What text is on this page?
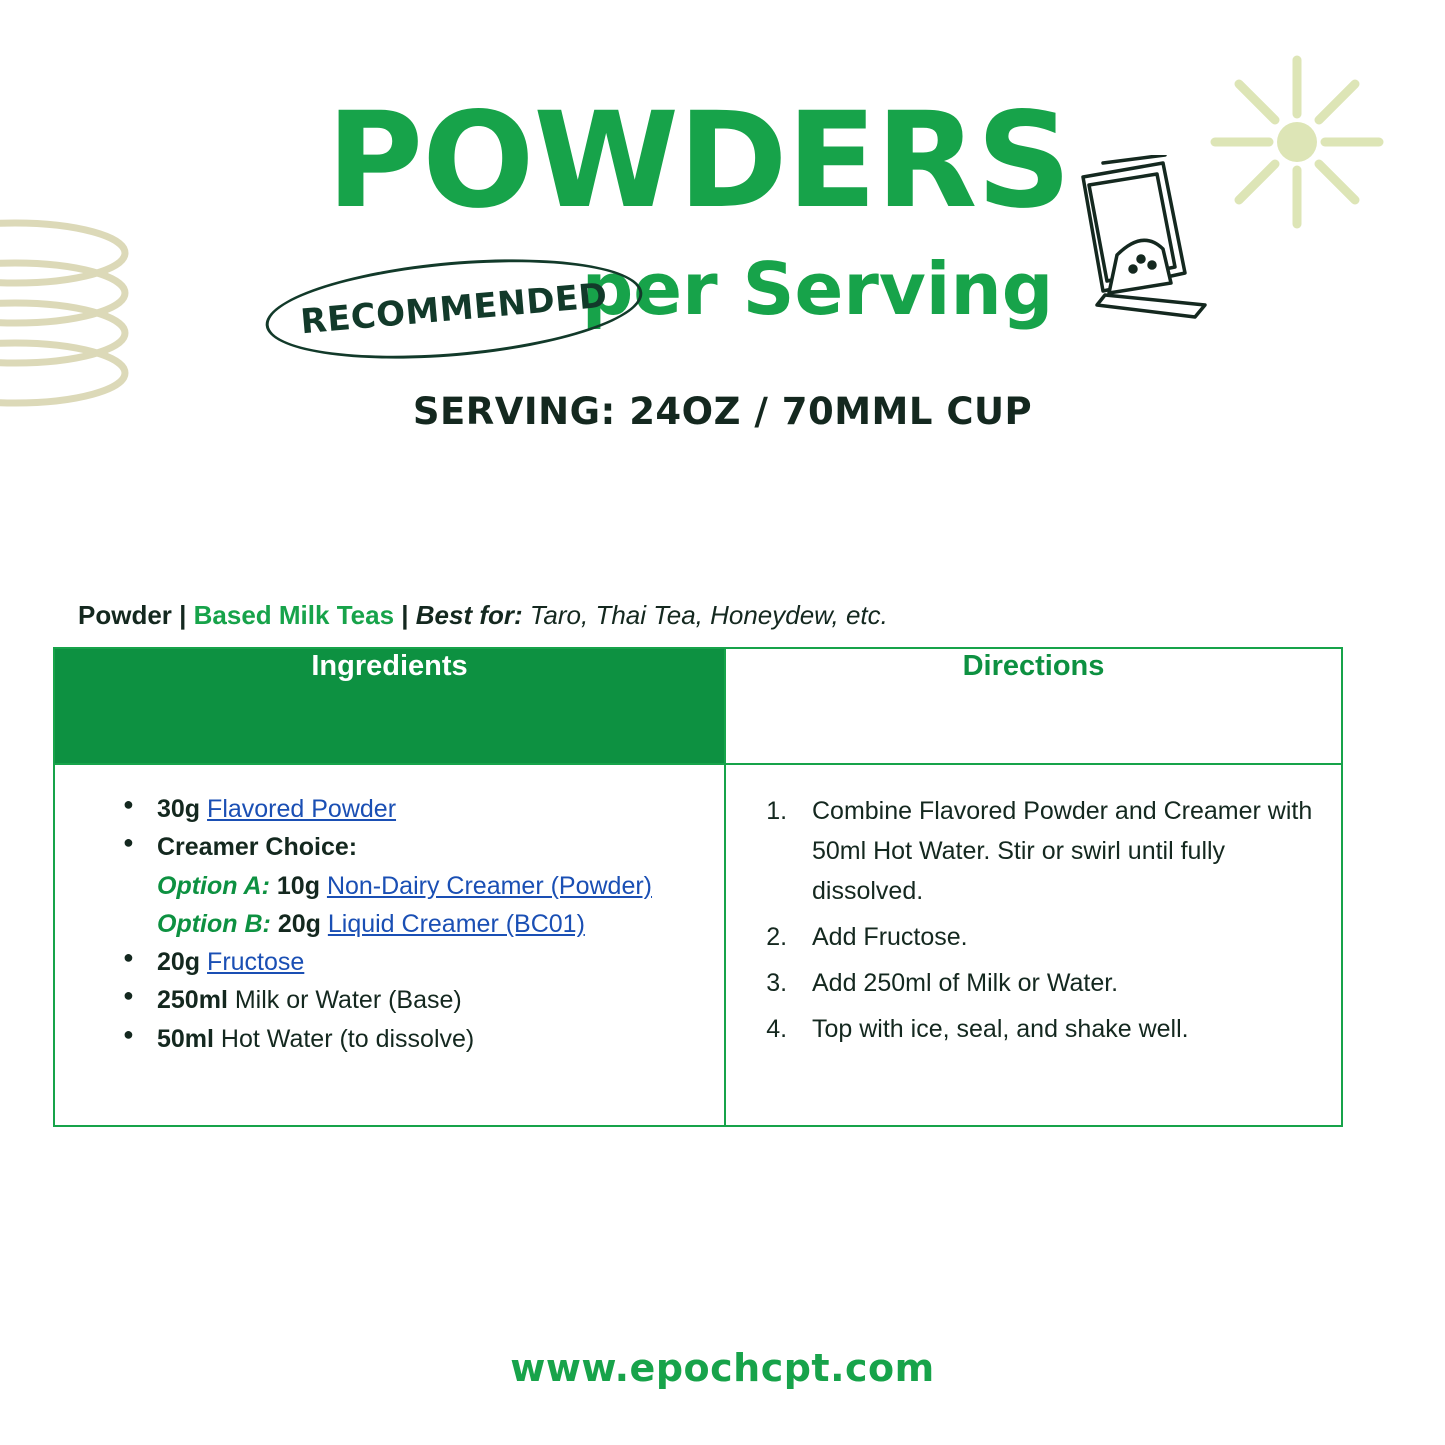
POWDERS
per Serving
RECOMMENDED
SERVING: 24OZ / 70MML CUP
Powder | Based Milk Teas | Best for: Taro, Thai Tea, Honeydew, etc.
Ingredients	Directions

● 30g Flavored Powder
● Creamer Choice:
Option A: 10g Non-Dairy Creamer (Powder)
Option B: 20g Liquid Creamer (BC01)
● 20g Fructose
● 250ml Milk or Water (Base)
● 50ml Hot Water (to dissolve)

1. Combine Flavored Powder and Creamer with 50ml Hot Water. Stir or swirl until fully dissolved.
2. Add Fructose.
3. Add 250ml of Milk or Water.
4. Top with ice, seal, and shake well.
www.epochcpt.com
